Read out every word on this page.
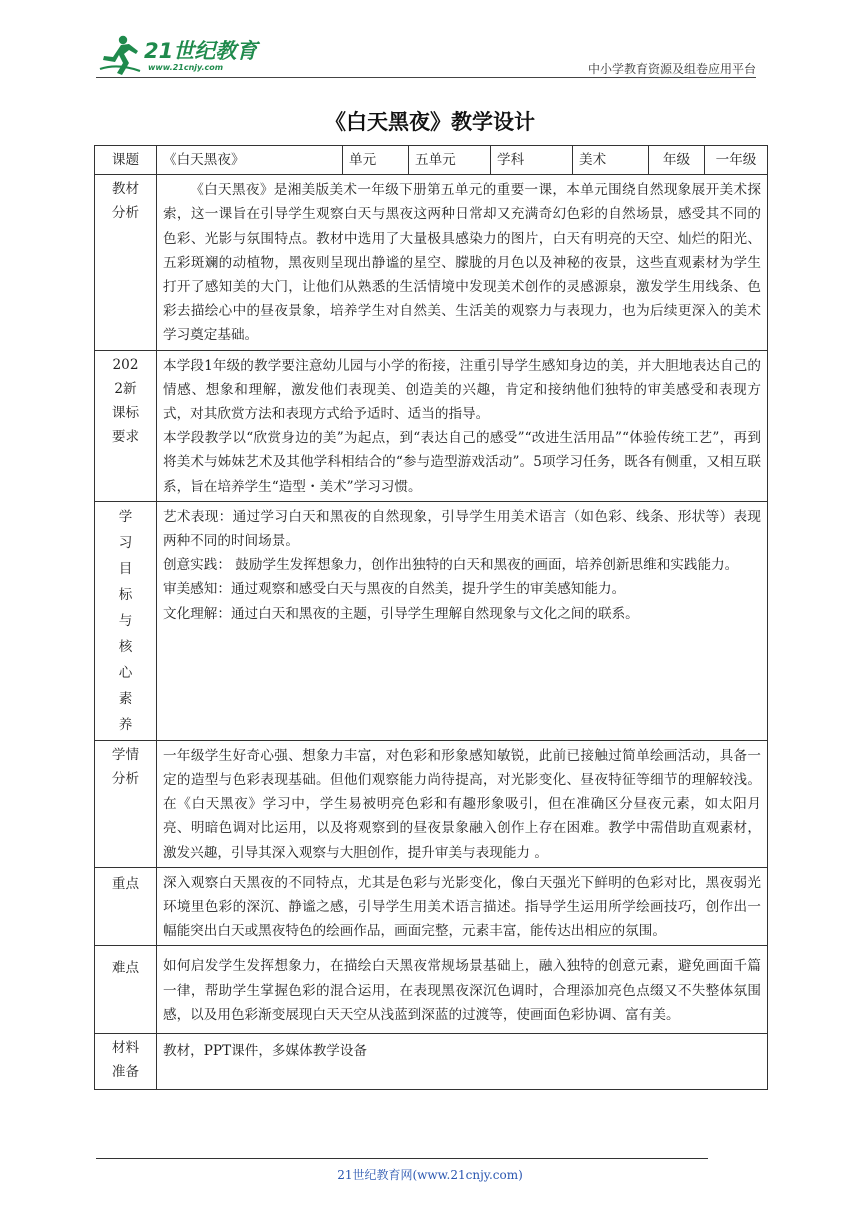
21世纪教育
www.21cnjy.com	中小学教育资源及组卷应用平台
《白天黑夜》教学设计
课题	《白天黑夜》	单元	五单元	学科	美术	年级	一年级

教材分析	《白天黑夜》是湘美版美术一年级下册第五单元的重要一课，本单元围绕自然现象展开美术探索，这一课旨在引导学生观察白天与黑夜这两种日常却又充满奇幻色彩的自然场景，感受其不同的色彩、光影与氛围特点。教材中选用了大量极具感染力的图片，白天有明亮的天空、灿烂的阳光、五彩斑斓的动植物，黑夜则呈现出静谧的星空、朦胧的月色以及神秘的夜景，这些直观素材为学生打开了感知美的大门，让他们从熟悉的生活情境中发现美术创作的灵感源泉，激发学生用线条、色彩去描绘心中的昼夜景象，培养学生对自然美、生活美的观察力与表现力，也为后续更深入的美术学习奠定基础。						

2022新课标要求	本学段1年级的教学要注意幼儿园与小学的衔接，注重引导学生感知身边的美，并大胆地表达自己的情感、想象和理解，激发他们表现美、创造美的兴趣，肯定和接纳他们独特的审美感受和表现方式，对其欣赏方法和表现方式给予适时、适当的指导。

本学段教学以“欣赏身边的美”为起点，到“表达自己的感受”“改进生活用品”“体验传统工艺”，再到将美术与姊妹艺术及其他学科相结合的“参与造型游戏活动”。5项学习任务，既各有侧重，又相互联系，旨在培养学生“造型・美术”学习习惯。						

学习目标与核心素养	艺术表现：通过学习白天和黑夜的自然现象，引导学生用美术语言（如色彩、线条、形状等）表现两种不同的时间场景。

创意实践： 鼓励学生发挥想象力，创作出独特的白天和黑夜的画面，培养创新思维和实践能力。

审美感知：通过观察和感受白天与黑夜的自然美，提升学生的审美感知能力。

文化理解：通过白天和黑夜的主题，引导学生理解自然现象与文化之间的联系。						

学情分析	一年级学生好奇心强、想象力丰富，对色彩和形象感知敏锐，此前已接触过简单绘画活动，具备一定的造型与色彩表现基础。但他们观察能力尚待提高，对光影变化、昼夜特征等细节的理解较浅。在《白天黑夜》学习中，学生易被明亮色彩和有趣形象吸引，但在准确区分昼夜元素，如太阳月亮、明暗色调对比运用，以及将观察到的昼夜景象融入创作上存在困难。教学中需借助直观素材，激发兴趣，引导其深入观察与大胆创作，提升审美与表现能力 。						

重点	深入观察白天黑夜的不同特点，尤其是色彩与光影变化，像白天强光下鲜明的色彩对比，黑夜弱光环境里色彩的深沉、静谧之感，引导学生用美术语言描述。指导学生运用所学绘画技巧，创作出一幅能突出白天或黑夜特色的绘画作品，画面完整，元素丰富，能传达出相应的氛围。						

难点	如何启发学生发挥想象力，在描绘白天黑夜常规场景基础上，融入独特的创意元素，避免画面千篇一律，帮助学生掌握色彩的混合运用，在表现黑夜深沉色调时，合理添加亮色点缀又不失整体氛围感，以及用色彩渐变展现白天天空从浅蓝到深蓝的过渡等，使画面色彩协调、富有美。						

材料准备	教材，PPT课件，多媒体教学设备						

21世纪教育网(www.21cnjy.com)
